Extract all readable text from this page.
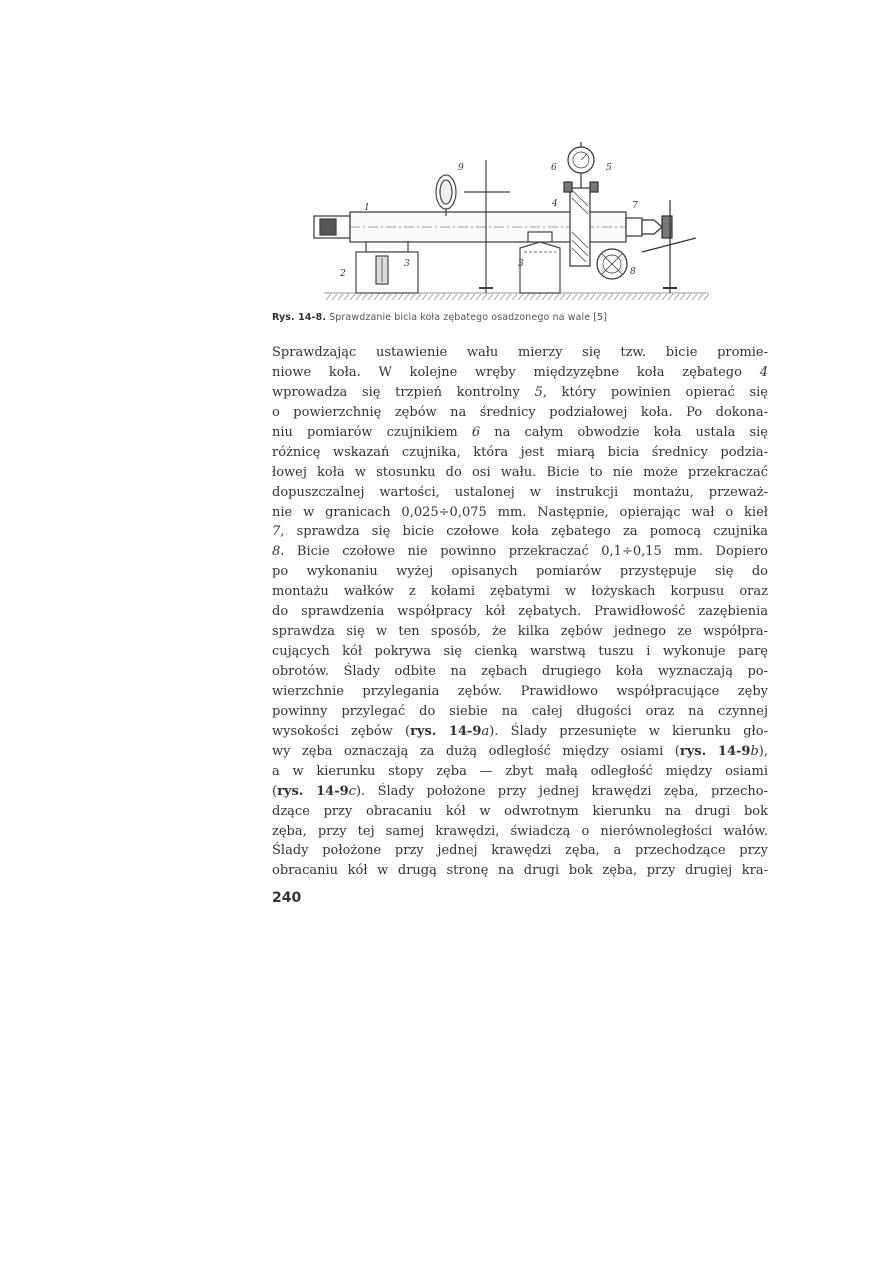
1
2
3	3
4
5
6
7
8
9
Rys. 14-8. Sprawdzanie bicia koła zębatego osadzonego na wale [5]
Sprawdzając ustawienie wału mierzy się tzw. bicie promie-
niowe koła. W kolejne wręby międzyzębne koła zębatego 4
wprowadza się trzpień kontrolny 5, który powinien opierać się
o powierzchnię zębów na średnicy podziałowej koła. Po dokona-
niu pomiarów czujnikiem 6 na całym obwodzie koła ustala się
różnicę wskazań czujnika, która jest miarą bicia średnicy podzia-
łowej koła w stosunku do osi wału. Bicie to nie może przekraczać
dopuszczalnej wartości, ustalonej w instrukcji montażu, przeważ-
nie w granicach 0,025÷0,075 mm. Następnie, opierając wał o kieł
7, sprawdza się bicie czołowe koła zębatego za pomocą czujnika
8. Bicie czołowe nie powinno przekraczać 0,1÷0,15 mm. Dopiero
po wykonaniu wyżej opisanych pomiarów przystępuje się do
montażu wałków z kołami zębatymi w łożyskach korpusu oraz
do sprawdzenia współpracy kół zębatych. Prawidłowość zazębienia
sprawdza się w ten sposób, że kilka zębów jednego ze współpra-
cujących kół pokrywa się cienką warstwą tuszu i wykonuje parę
obrotów. Ślady odbite na zębach drugiego koła wyznaczają po-
wierzchnie przylegania zębów. Prawidłowo współpracujące zęby
powinny przylegać do siebie na całej długości oraz na czynnej
wysokości zębów (rys. 14-9a). Ślady przesunięte w kierunku gło-
wy zęba oznaczają za dużą odległość między osiami (rys. 14-9b),
a w kierunku stopy zęba — zbyt małą odległość między osiami
(rys. 14-9c). Ślady położone przy jednej krawędzi zęba, przecho-
dzące przy obracaniu kół w odwrotnym kierunku na drugi bok
zęba, przy tej samej krawędzi, świadczą o nierównoległości wałów.
Ślady położone przy jednej krawędzi zęba, a przechodzące przy
obracaniu kół w drugą stronę na drugi bok zęba, przy drugiej kra-
240
